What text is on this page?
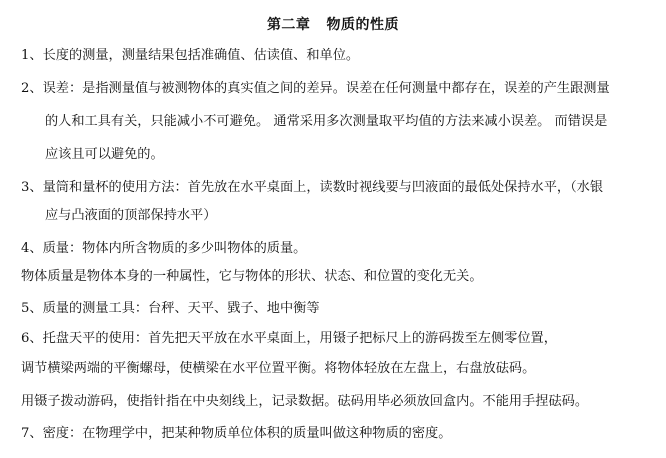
第二章   物质的性质
1、长度的测量，测量结果包括准确值、估读值、和单位。
2、误差：是指测量值与被测物体的真实值之间的差异。误差在任何测量中都存在，误差的产生跟测量
的人和工具有关，只能减小不可避免。 通常采用多次测量取平均值的方法来减小误差。 而错误是
应该且可以避免的。
3、量筒和量杯的使用方法：首先放在水平桌面上，读数时视线要与凹液面的最低处保持水平，（水银
应与凸液面的顶部保持水平）
4、质量：物体内所含物质的多少叫物体的质量。
物体质量是物体本身的一种属性，它与物体的形状、状态、和位置的变化无关。
5、质量的测量工具：台秤、天平、戥子、地中衡等
6、托盘天平的使用：首先把天平放在水平桌面上，用镊子把标尺上的游码拨至左侧零位置，
调节横梁两端的平衡螺母，使横梁在水平位置平衡。将物体轻放在左盘上，右盘放砝码。
用镊子拨动游码，使指针指在中央刻线上，记录数据。砝码用毕必须放回盒内。不能用手捏砝码。
7、密度：在物理学中，把某种物质单位体积的质量叫做这种物质的密度。
